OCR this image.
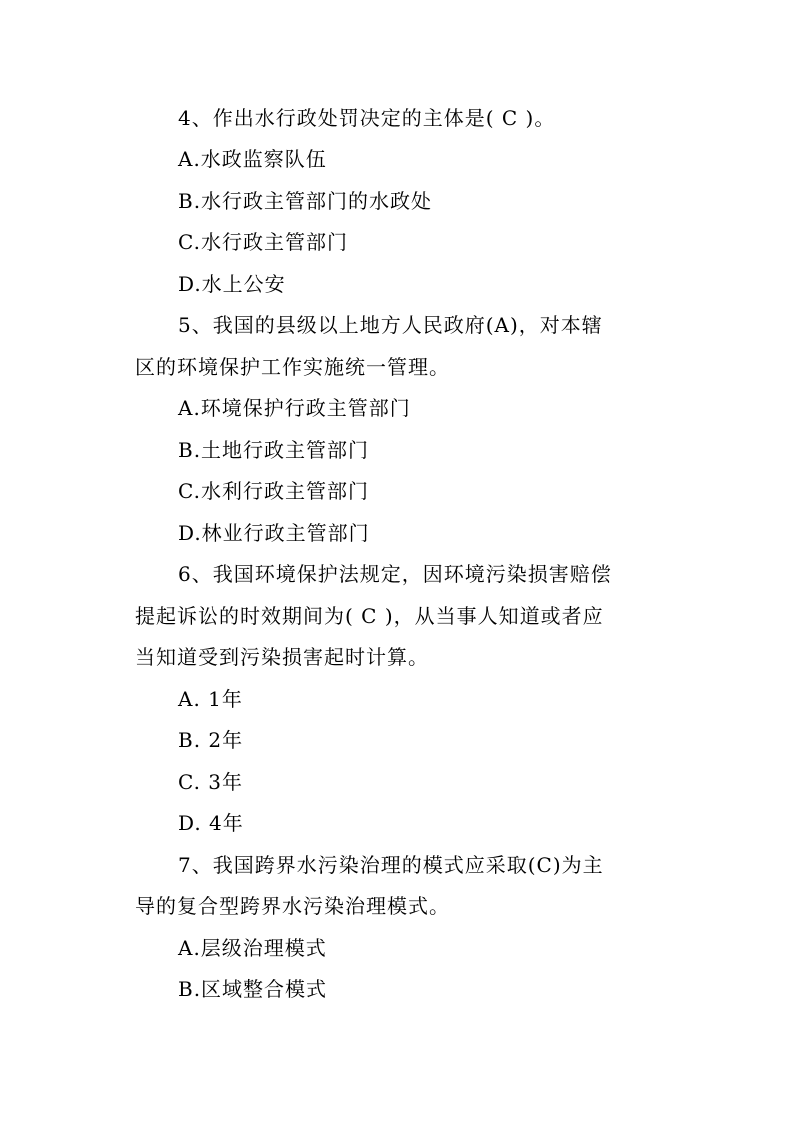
4、作出水行政处罚决定的主体是( C )。
A.水政监察队伍
B.水行政主管部门的水政处
C.水行政主管部门
D.水上公安
5、我国的县级以上地方人民政府(A)，对本辖
区的环境保护工作实施统一管理。
A.环境保护行政主管部门
B.土地行政主管部门
C.水利行政主管部门
D.林业行政主管部门
6、我国环境保护法规定，因环境污染损害赔偿
提起诉讼的时效期间为( C )，从当事人知道或者应
当知道受到污染损害起时计算。
A. 1年
B. 2年
C. 3年
D. 4年
7、我国跨界水污染治理的模式应采取(C)为主
导的复合型跨界水污染治理模式。
A.层级治理模式
B.区域整合模式
